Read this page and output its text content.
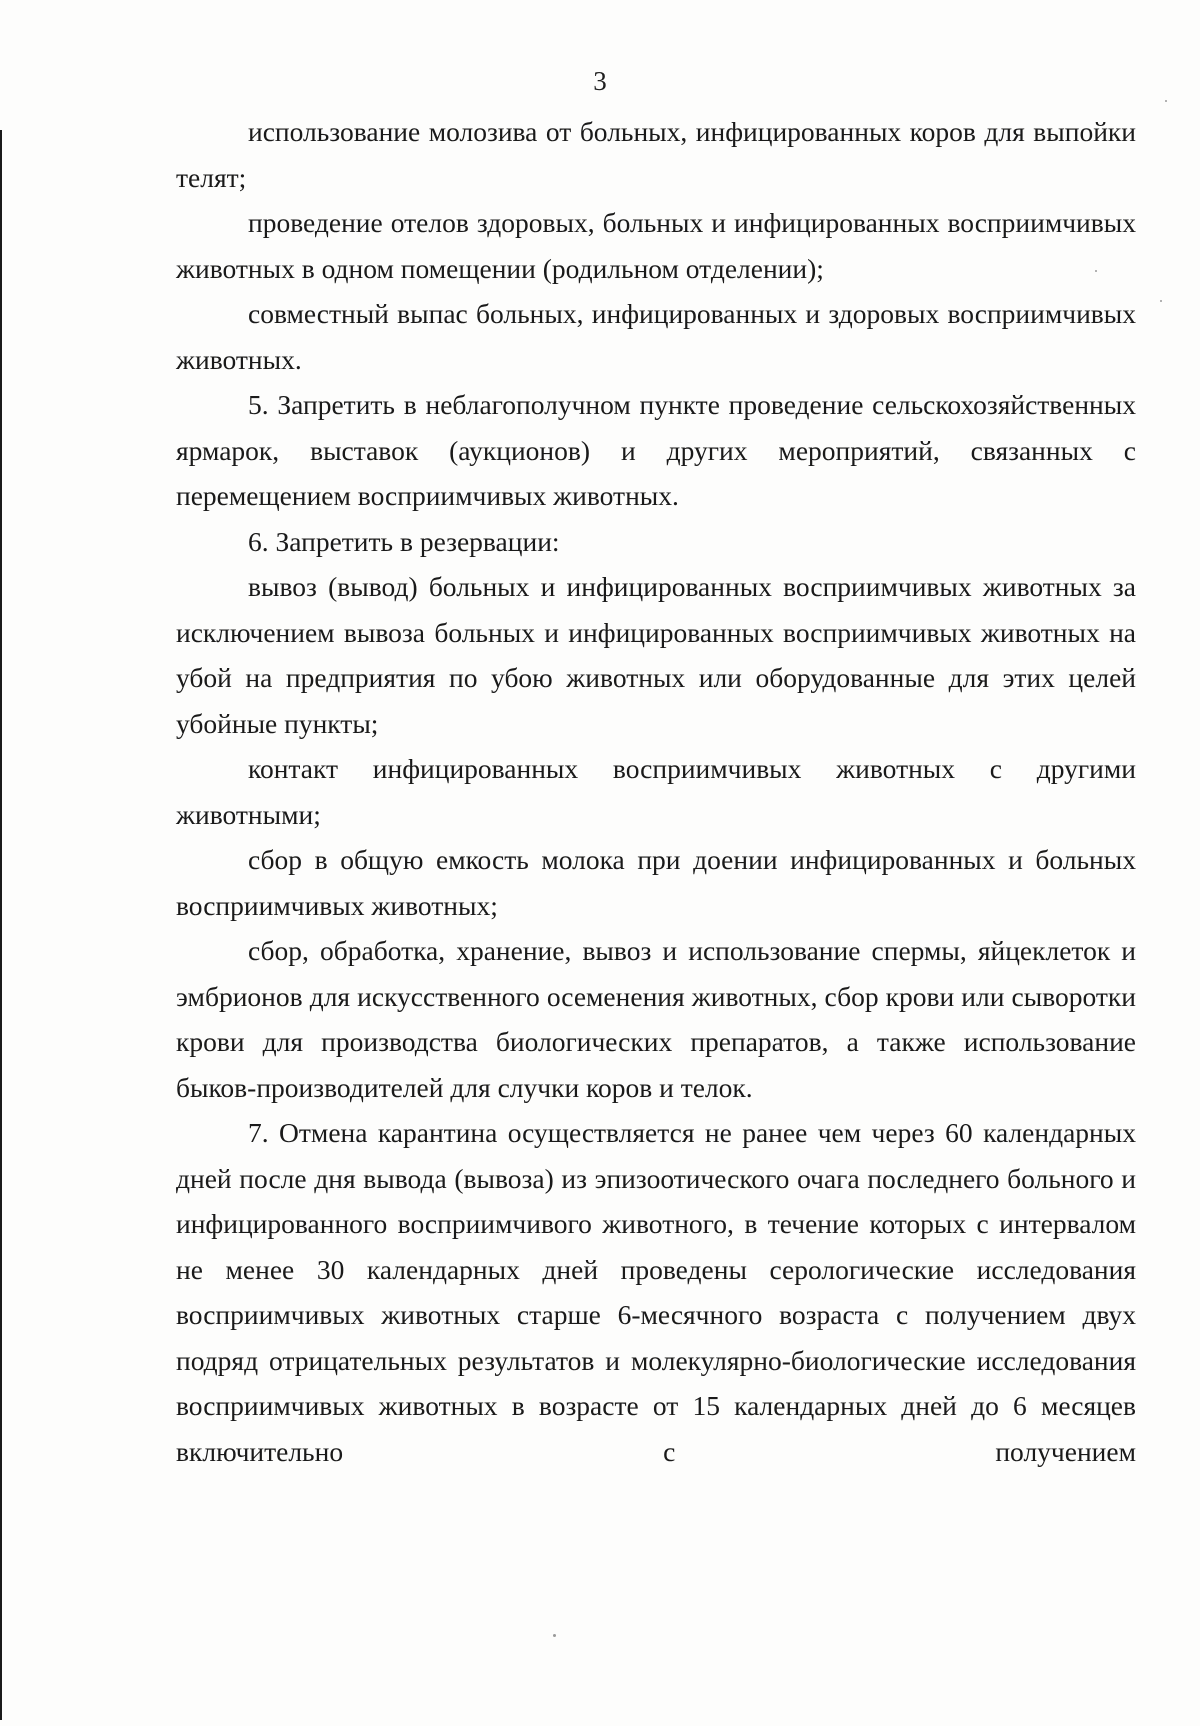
3

использование молозива от больных, инфицированных коров для выпойки телят;

проведение отелов здоровых, больных и инфицированных восприимчивых животных в одном помещении (родильном отделении);

совместный выпас больных, инфицированных и здоровых восприимчивых животных.

5. Запретить в неблагополучном пункте проведение сельскохозяйственных ярмарок, выставок (аукционов) и других мероприятий, связанных с перемещением восприимчивых животных.

6. Запретить в резервации:

вывоз (вывод) больных и инфицированных восприимчивых животных за исключением вывоза больных и инфицированных восприимчивых животных на убой на предприятия по убою животных или оборудованные для этих целей убойные пункты;

контакт инфицированных восприимчивых животных с другими животными;

сбор в общую емкость молока при доении инфицированных и больных восприимчивых животных;

сбор, обработка, хранение, вывоз и использование спермы, яйцеклеток и эмбрионов для искусственного осеменения животных, сбор крови или сыворотки крови для производства биологических препаратов, а также использование быков-производителей для случки коров и телок.

7. Отмена карантина осуществляется не ранее чем через 60 календарных дней после дня вывода (вывоза) из эпизоотического очага последнего больного и инфицированного восприимчивого животного, в течение которых с интервалом не менее 30 календарных дней проведены серологические исследования восприимчивых животных старше 6-месячного возраста с получением двух подряд отрицательных результатов и молекулярно-биологические исследования восприимчивых животных в возрасте от 15 календарных дней до 6 месяцев включительно с получением
